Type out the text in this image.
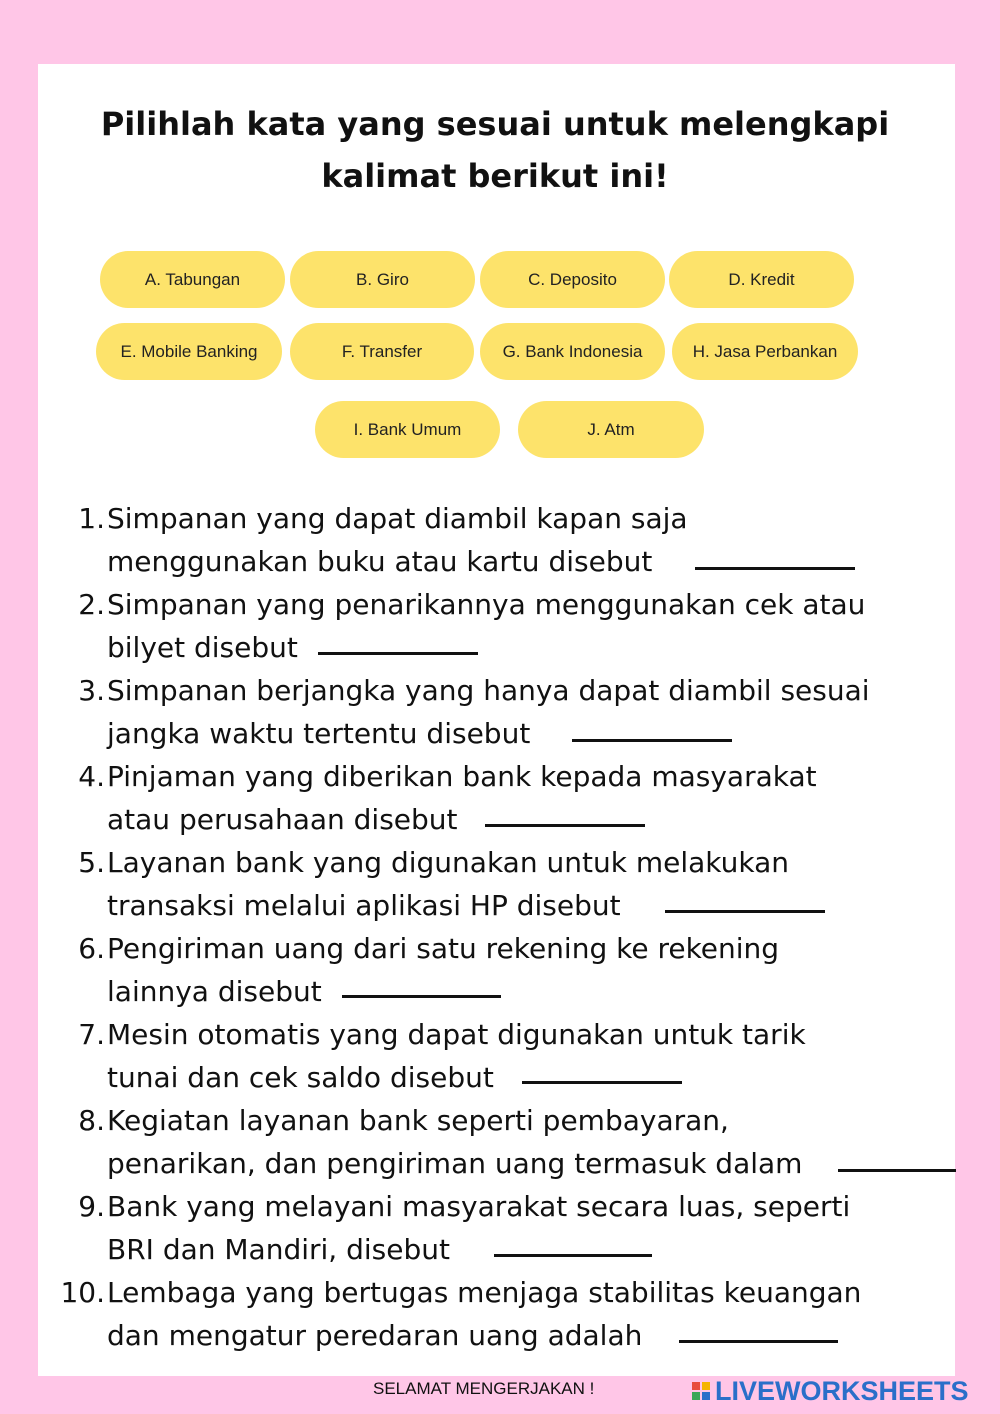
Pilihlah kata yang sesuai untuk melengkapi
kalimat berikut ini!
A. Tabungan	B. Giro	C. Deposito	D. Kredit
E. Mobile Banking	F. Transfer	G. Bank Indonesia	H. Jasa Perbankan
I. Bank Umum	J. Atm
1. Simpanan yang dapat diambil kapan saja
menggunakan buku atau kartu disebut
2. Simpanan yang penarikannya menggunakan cek atau
bilyet disebut
3. Simpanan berjangka yang hanya dapat diambil sesuai
jangka waktu tertentu disebut
4. Pinjaman yang diberikan bank kepada masyarakat
atau perusahaan disebut
5. Layanan bank yang digunakan untuk melakukan
transaksi melalui aplikasi HP disebut
6. Pengiriman uang dari satu rekening ke rekening
lainnya disebut
7. Mesin otomatis yang dapat digunakan untuk tarik
tunai dan cek saldo disebut
8. Kegiatan layanan bank seperti pembayaran,
penarikan, dan pengiriman uang termasuk dalam
9. Bank yang melayani masyarakat secara luas, seperti
BRI dan Mandiri, disebut
10. Lembaga yang bertugas menjaga stabilitas keuangan
dan mengatur peredaran uang adalah
SELAMAT MENGERJAKAN !	LIVEWORKSHEETS
